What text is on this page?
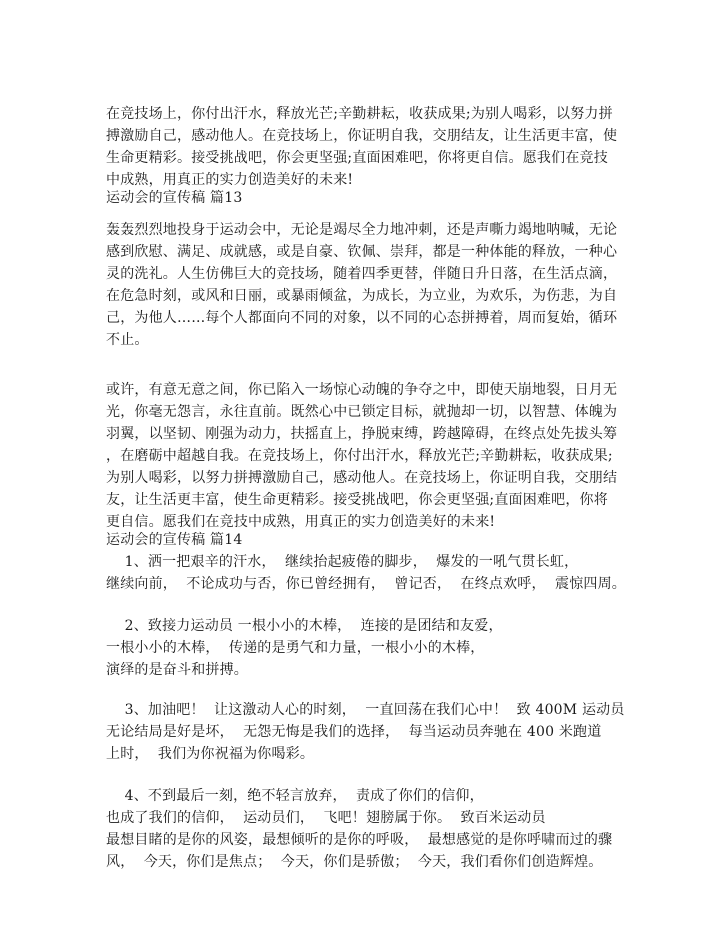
在竞技场上，你付出汗水，释放光芒;辛勤耕耘，收获成果;为别人喝彩，以努力拼
搏激励自己，感动他人。在竞技场上，你证明自我，交朋结友，让生活更丰富，使
生命更精彩。接受挑战吧，你会更坚强;直面困难吧，你将更自信。愿我们在竞技
中成熟，用真正的实力创造美好的未来!
运动会的宣传稿 篇13
轰轰烈烈地投身于运动会中，无论是竭尽全力地冲刺，还是声嘶力竭地呐喊，无论
感到欣慰、满足、成就感，或是自豪、钦佩、崇拜，都是一种体能的释放，一种心
灵的洗礼。人生仿佛巨大的竞技场，随着四季更替，伴随日升日落，在生活点滴，
在危急时刻，或风和日丽，或暴雨倾盆，为成长，为立业，为欢乐，为伤悲，为自
己，为他人……每个人都面向不同的对象，以不同的心态拼搏着，周而复始，循环
不止。
或许，有意无意之间，你已陷入一场惊心动魄的争夺之中，即使天崩地裂，日月无
光，你毫无怨言，永往直前。既然心中已锁定目标，就抛却一切，以智慧、体魄为
羽翼，以坚韧、刚强为动力，扶摇直上，挣脱束缚，跨越障碍，在终点处先拔头筹
，在磨砺中超越自我。在竞技场上，你付出汗水，释放光芒;辛勤耕耘，收获成果;
为别人喝彩，以努力拼搏激励自己，感动他人。在竞技场上，你证明自我，交朋结
友，让生活更丰富，使生命更精彩。接受挑战吧，你会更坚强;直面困难吧，你将
更自信。愿我们在竞技中成熟，用真正的实力创造美好的未来!
运动会的宣传稿 篇14
1、洒一把艰辛的汗水，  继续抬起疲倦的脚步，  爆发的一吼气贯长虹，
继续向前，  不论成功与否，你已曾经拥有，  曾记否，  在终点欢呼，  震惊四周。
2、致接力运动员 一根小小的木棒，  连接的是团结和友爱，
一根小小的木棒，  传递的是勇气和力量，一根小小的木棒，
演绎的是奋斗和拼搏。
3、加油吧！  让这激动人心的时刻，  一直回荡在我们心中！  致 400M 运动员
无论结局是好是坏，  无怨无悔是我们的选择，  每当运动员奔驰在 400 米跑道
上时，  我们为你祝福为你喝彩。
4、不到最后一刻，绝不轻言放弃，  责成了你们的信仰，
也成了我们的信仰，  运动员们，  飞吧！翅膀属于你。  致百米运动员
最想目睹的是你的风姿，最想倾听的是你的呼吸，  最想感觉的是你呼啸而过的骤
风，  今天，你们是焦点；  今天，你们是骄傲；  今天，我们看你们创造辉煌。
